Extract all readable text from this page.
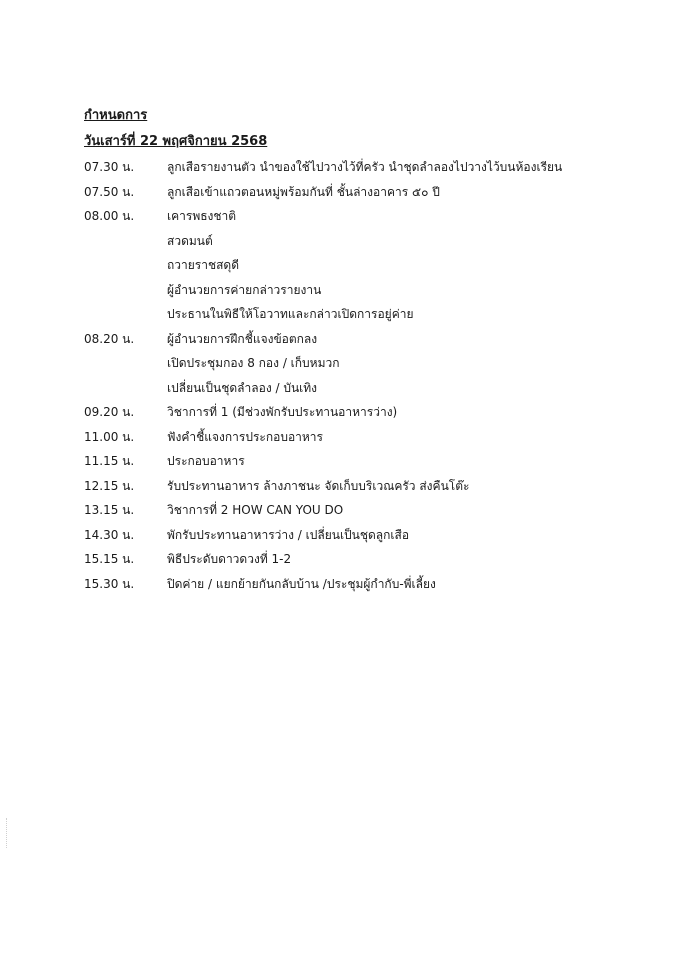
กำหนดการ
วันเสาร์ที่ 22 พฤศจิกายน 2568
07.30 น.	ลูกเสือรายงานตัว นำของใช้ไปวางไว้ที่ครัว นำชุดลำลองไปวางไว้บนห้องเรียน
07.50 น.	ลูกเสือเข้าแถวตอนหมู่พร้อมกันที่ ชั้นล่างอาคาร ๕๐ ปี
08.00 น.	เคารพธงชาติ
สวดมนต์
ถวายราชสดุดี
ผู้อำนวยการค่ายกล่าวรายงาน
ประธานในพิธีให้โอวาทและกล่าวเปิดการอยู่ค่าย
08.20 น.	ผู้อำนวยการฝึกชี้แจงข้อตกลง
เปิดประชุมกอง 8 กอง / เก็บหมวก
เปลี่ยนเป็นชุดลำลอง / บันเทิง
09.20 น.	วิชาการที่ 1 (มีช่วงพักรับประทานอาหารว่าง)
11.00 น.	ฟังคำชี้แจงการประกอบอาหาร
11.15 น.	ประกอบอาหาร
12.15 น.	รับประทานอาหาร ล้างภาชนะ จัดเก็บบริเวณครัว ส่งคืนโต๊ะ
13.15 น.	วิชาการที่ 2 HOW CAN YOU DO
14.30 น.	พักรับประทานอาหารว่าง / เปลี่ยนเป็นชุดลูกเสือ
15.15 น.	พิธีประดับดาวดวงที่ 1-2
15.30 น.	ปิดค่าย / แยกย้ายกันกลับบ้าน /ประชุมผู้กำกับ-พี่เลี้ยง
